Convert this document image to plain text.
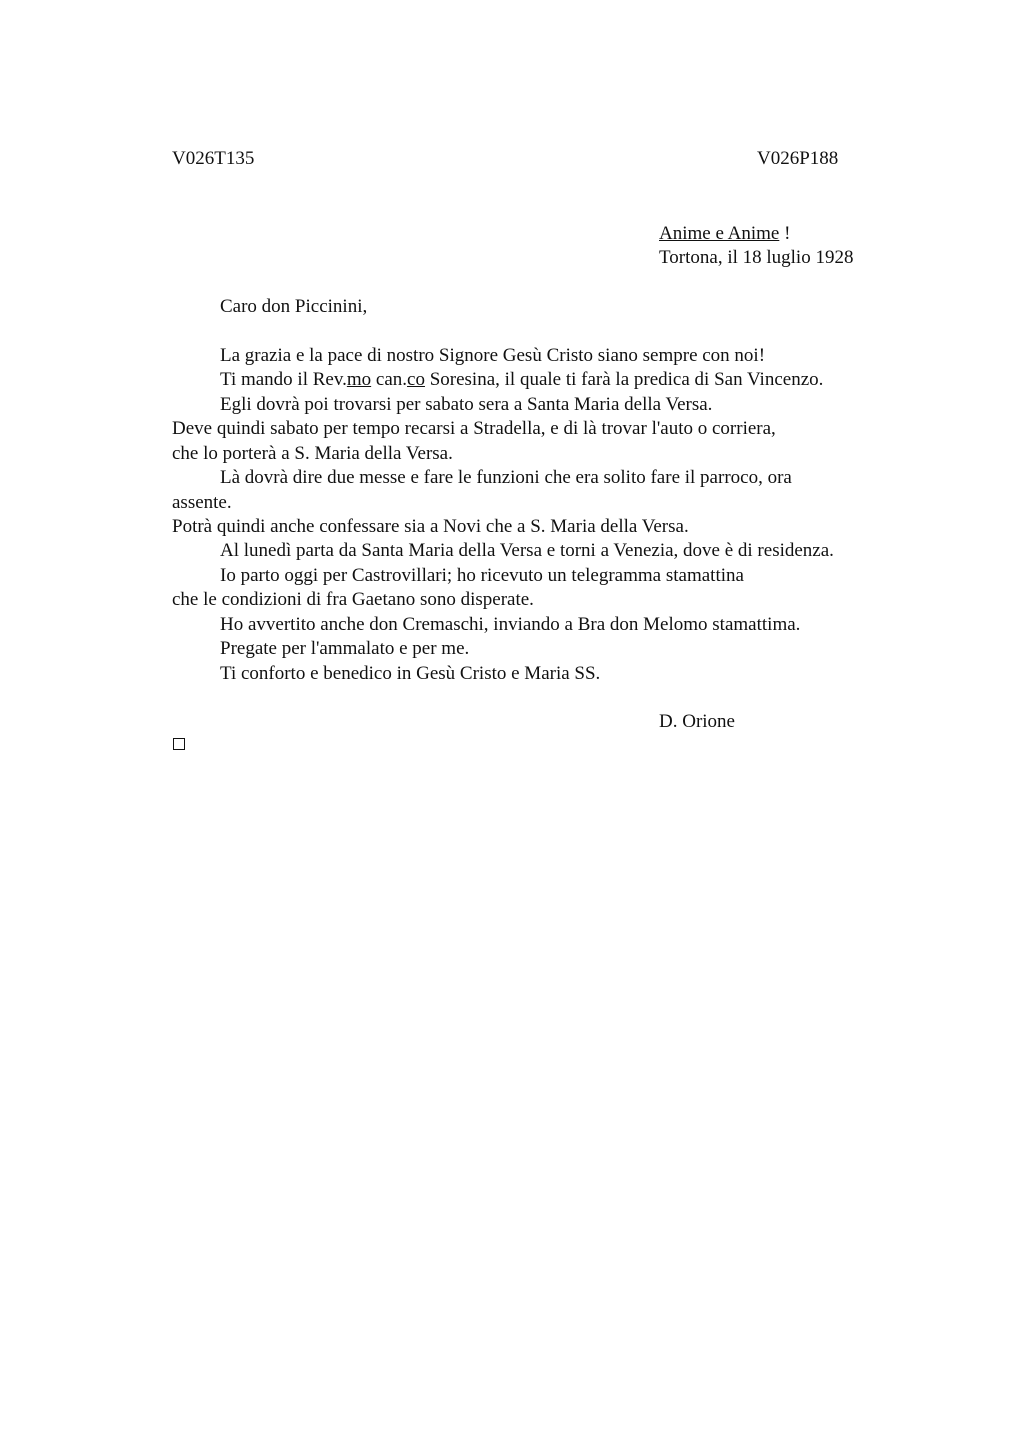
V026T135	V026P188
Anime e Anime !
Tortona, il 18 luglio 1928
Caro don Piccinini,
La grazia e la pace di nostro Signore Gesù Cristo siano sempre con noi!
Ti mando il Rev.mo can.co Soresina, il quale ti farà la predica di San Vincenzo.
Egli dovrà poi trovarsi per sabato sera a Santa Maria della Versa.
Deve quindi sabato per tempo recarsi a Stradella, e di là trovar l'auto o corriera,
che lo porterà a S. Maria della Versa.
Là dovrà dire due messe e fare le funzioni che era solito fare il parroco, ora
assente.
Potrà quindi anche confessare sia a Novi che a S. Maria della Versa.
Al lunedì parta da Santa Maria della Versa e torni a Venezia, dove è di residenza.
Io parto oggi per Castrovillari; ho ricevuto un telegramma stamattina
che le condizioni di fra Gaetano sono disperate.
Ho avvertito anche don Cremaschi, inviando a Bra don Melomo stamattima.
Pregate per l'ammalato e per me.
Ti conforto e benedico in Gesù Cristo e Maria SS.
D. Orione
